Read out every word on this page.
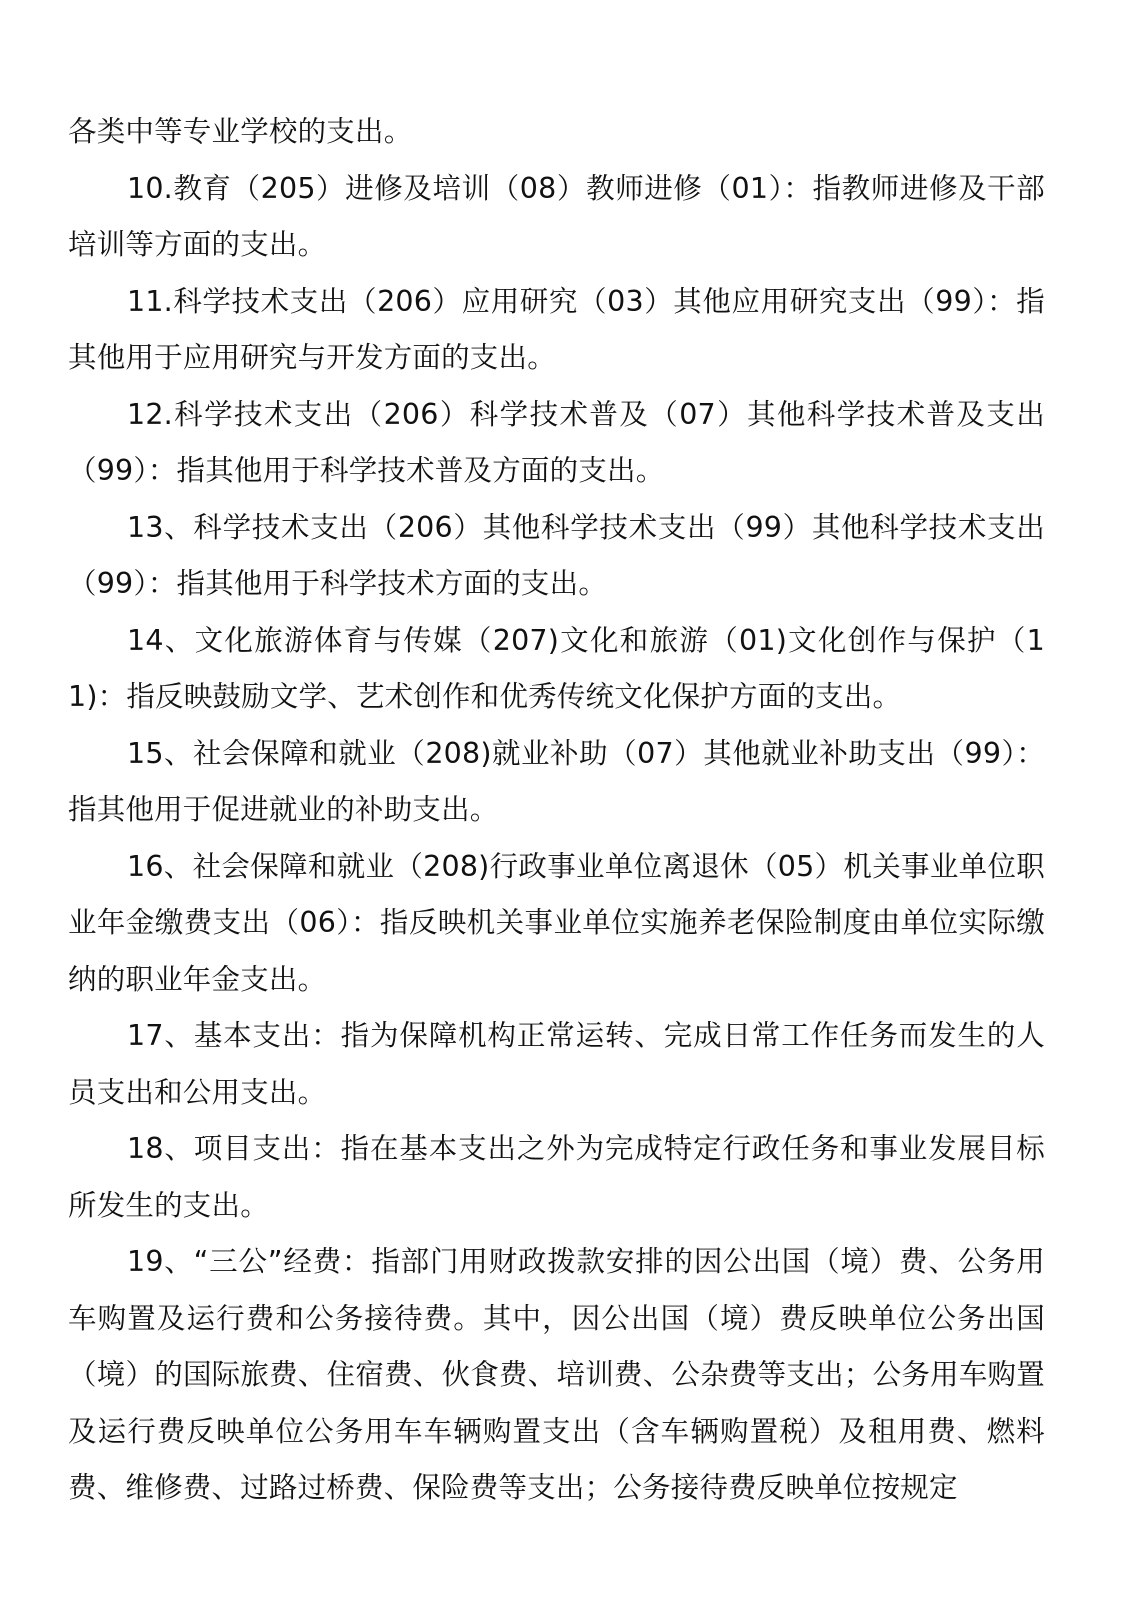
各类中等专业学校的支出。

10.教育（205）进修及培训（08）教师进修（01）：指教师进修及干部培训等方面的支出。

11.科学技术支出（206）应用研究（03）其他应用研究支出（99）：指其他用于应用研究与开发方面的支出。

12.科学技术支出（206）科学技术普及（07）其他科学技术普及支出（99）：指其他用于科学技术普及方面的支出。

13、科学技术支出（206）其他科学技术支出（99）其他科学技术支出（99）：指其他用于科学技术方面的支出。

14、文化旅游体育与传媒（207)文化和旅游（01)文化创作与保护（11)：指反映鼓励文学、艺术创作和优秀传统文化保护方面的支出。

15、社会保障和就业（208)就业补助（07）其他就业补助支出（99）：指其他用于促进就业的补助支出。

16、社会保障和就业（208)行政事业单位离退休（05）机关事业单位职业年金缴费支出（06）：指反映机关事业单位实施养老保险制度由单位实际缴纳的职业年金支出。

17、基本支出：指为保障机构正常运转、完成日常工作任务而发生的人员支出和公用支出。

18、项目支出：指在基本支出之外为完成特定行政任务和事业发展目标所发生的支出。

19、“三公”经费：指部门用财政拨款安排的因公出国（境）费、公务用车购置及运行费和公务接待费。其中，因公出国（境）费反映单位公务出国（境）的国际旅费、住宿费、伙食费、培训费、公杂费等支出；公务用车购置及运行费反映单位公务用车车辆购置支出（含车辆购置税）及租用费、燃料费、维修费、过路过桥费、保险费等支出；公务接待费反映单位按规定
